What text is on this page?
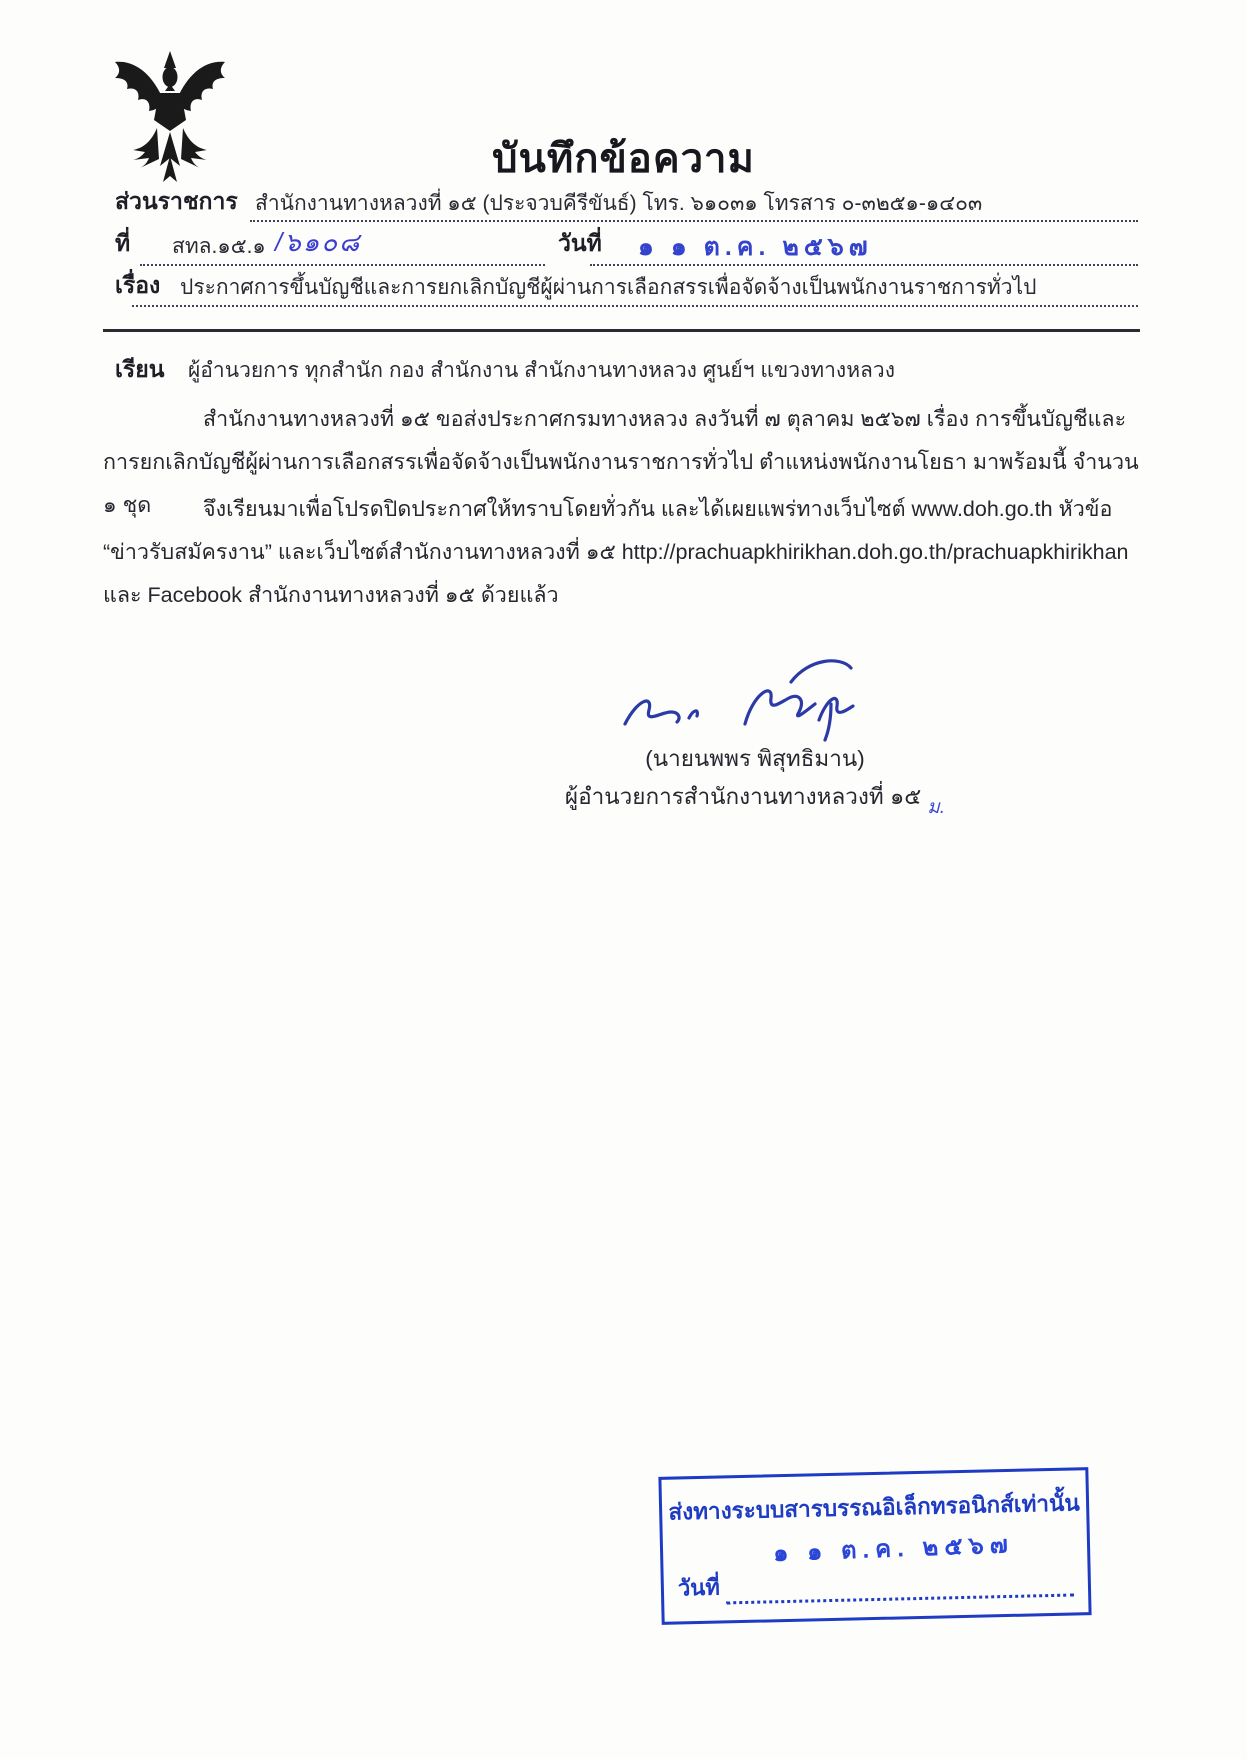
บันทึกข้อความ
ส่วนราชการ สำนักงานทางหลวงที่ ๑๕ (ประจวบคีรีขันธ์) โทร. ๖๑๐๓๑ โทรสาร ๐-๓๒๕๑-๑๔๐๓
ที่ สทล.๑๕.๑ /๖๑๐๘	วันที่ ๑ ๑ ต.ค. ๒๕๖๗
เรื่อง ประกาศการขึ้นบัญชีและการยกเลิกบัญชีผู้ผ่านการเลือกสรรเพื่อจัดจ้างเป็นพนักงานราชการทั่วไป
เรียน ผู้อำนวยการ ทุกสำนัก กอง สำนักงาน สำนักงานทางหลวง ศูนย์ฯ แขวงทางหลวง
สำนักงานทางหลวงที่ ๑๕ ขอส่งประกาศกรมทางหลวง ลงวันที่ ๗ ตุลาคม ๒๕๖๗ เรื่อง การขึ้นบัญชีและ
การยกเลิกบัญชีผู้ผ่านการเลือกสรรเพื่อจัดจ้างเป็นพนักงานราชการทั่วไป ตำแหน่งพนักงานโยธา มาพร้อมนี้ จำนวน ๑ ชุด	จึงเรียนมาเพื่อโปรดปิดประกาศให้ทราบโดยทั่วกัน และได้เผยแพร่ทางเว็บไซต์ www.doh.go.th หัวข้อ
“ข่าวรับสมัครงาน” และเว็บไซต์สำนักงานทางหลวงที่ ๑๕ http://prachuapkhirikhan.doh.go.th/prachuapkhirikhan
และ Facebook สำนักงานทางหลวงที่ ๑๕ ด้วยแล้ว
(นายนพพร พิสุทธิมาน)
ผู้อำนวยการสำนักงานทางหลวงที่ ๑๕ ม.
ส่งทางระบบสารบรรณอิเล็กทรอนิกส์เท่านั้น
๑ ๑ ต.ค. ๒๕๖๗
วันที่
